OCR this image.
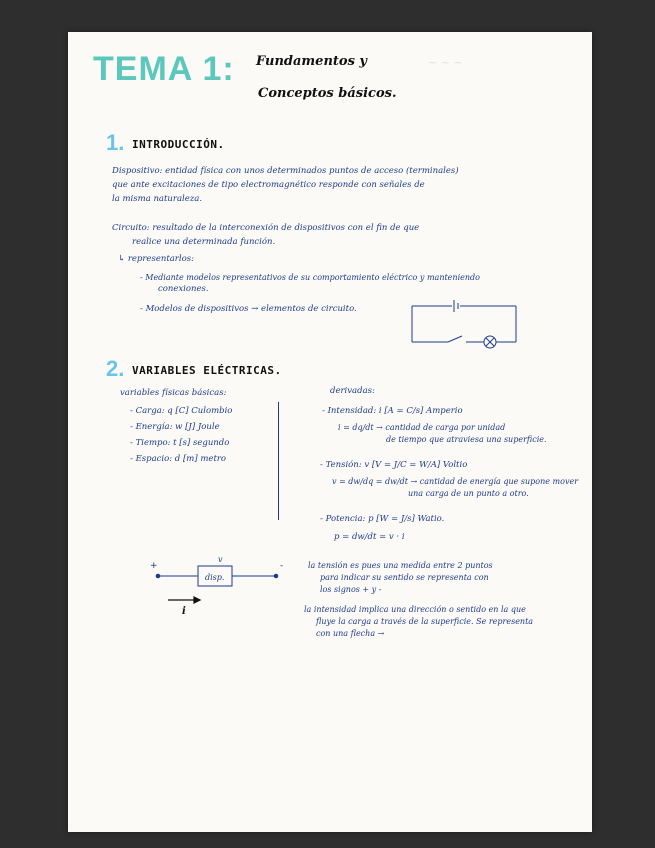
~ ~ ~
TEMA 1: Fundamentos y
Conceptos básicos.
1. INTRODUCCIÓN.
Dispositivo: entidad física con unos determinados puntos de acceso (terminales)
que ante excitaciones de tipo electromagnético responde con señales de
la misma naturaleza.
Circuito: resultado de la interconexión de dispositivos con el fin de que
realice una determinada función.
↳ representarlos:
- Mediante modelos representativos de su comportamiento eléctrico y manteniendo
conexiones.
- Modelos de dispositivos → elementos de circuito.
2. VARIABLES ELÉCTRICAS.
variables físicas básicas:
- Carga: q [C] Culombio
- Energía: w [J] Joule
- Tiempo: t [s] segundo
- Espacio: d [m] metro
derivadas:
- Intensidad: i [A = C/s] Amperio
i = dq/dt → cantidad de carga por unidad
de tiempo que atraviesa una superficie.
- Tensión: v [V = J/C = W/A] Voltio
v = dw/dq = dw/dt → cantidad de energía que supone mover
una carga de un punto a otro.
- Potencia: p [W = J/s] Watio.
p = dw/dt = v · i
disp.
+	-
v
i
la tensión es pues una medida entre 2 puntos
para indicar su sentido se representa con
los signos + y -
la intensidad implica una dirección o sentido en la que
fluye la carga a través de la superficie. Se representa
con una flecha →
